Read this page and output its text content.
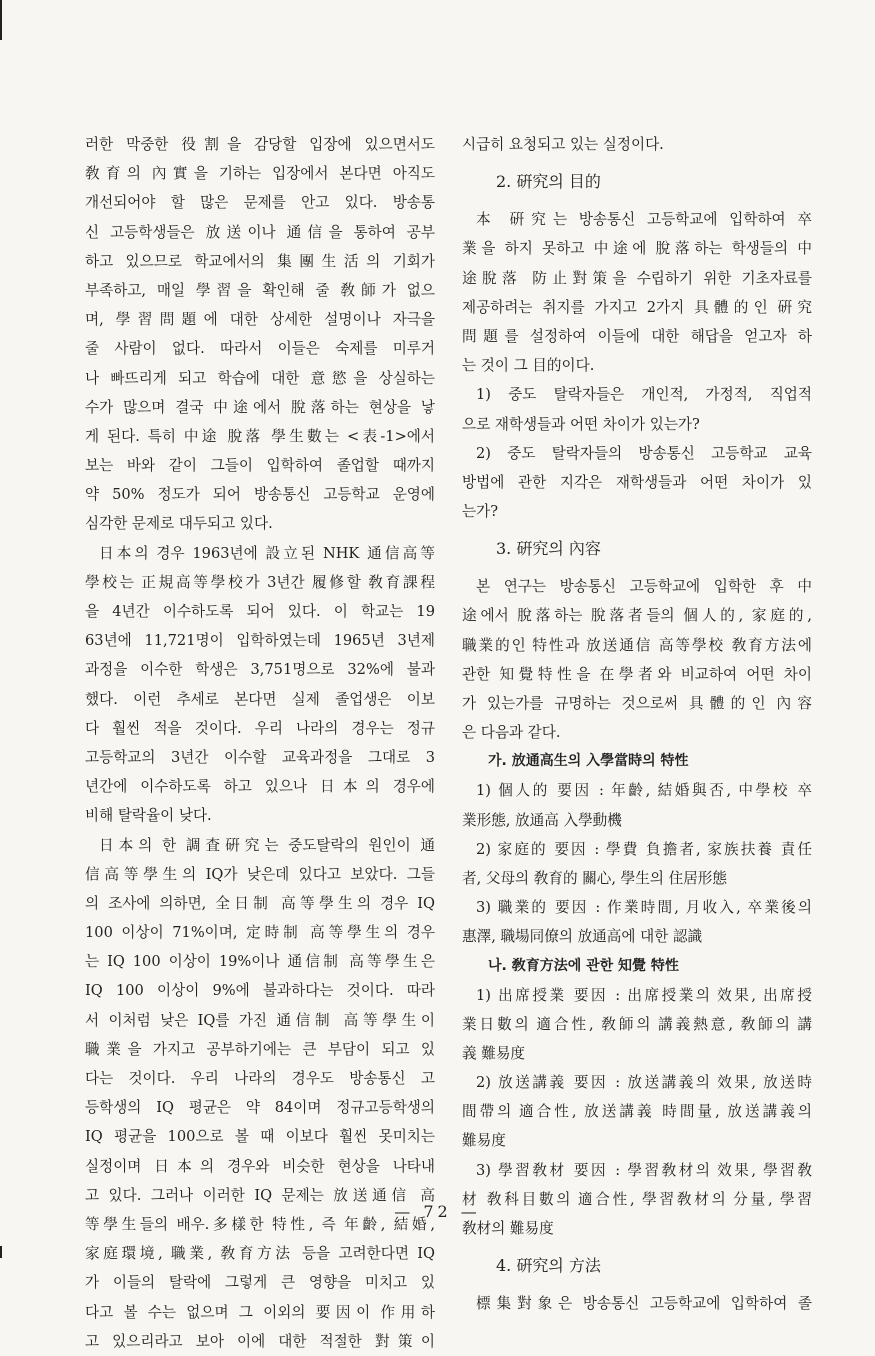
러한 막중한 役割을 감당할 입장에 있으면서도
敎育의 內實을 기하는 입장에서 본다면 아직도
개선되어야 할 많은 문제를 안고 있다. 방송통
신 고등학생들은 放送이나 通信을 통하여 공부
하고 있으므로 학교에서의 集團生活의 기회가
부족하고, 매일 學習을 확인해 줄 敎師가 없으
며, 學習問題에 대한 상세한 설명이나 자극을
줄 사람이 없다. 따라서 이들은 숙제를 미루거
나 빠뜨리게 되고 학습에 대한 意慾을 상실하는
수가 많으며 결국 中途에서 脫落하는 현상을 낳
게 된다. 특히 中途 脫落 學生數는 <表-1>에서
보는 바와 같이 그들이 입학하여 졸업할 때까지
약 50% 정도가 되어 방송통신 고등학교 운영에
심각한 문제로 대두되고 있다.
日本의 경우 1963년에 設立된 NHK 通信高等
學校는 正規高等學校가 3년간 履修할 敎育課程
을 4년간 이수하도록 되어 있다. 이 학교는 19
63년에 11,721명이 입학하였는데 1965년 3년제
과정을 이수한 학생은 3,751명으로 32%에 불과
했다. 이런 추세로 본다면 실제 졸업생은 이보
다 훨씬 적을 것이다. 우리 나라의 경우는 정규
고등학교의 3년간 이수할 교육과정을 그대로 3
년간에 이수하도록 하고 있으나 日本의 경우에
비해 탈락율이 낮다.
日本의 한 調査硏究는 중도탈락의 원인이 通
信高等學生의 IQ가 낮은데 있다고 보았다. 그들
의 조사에 의하면, 全日制 高等學生의 경우 IQ
100 이상이 71%이며, 定時制 高等學生의 경우
는 IQ 100 이상이 19%이나 通信制 高等學生은
IQ 100 이상이 9%에 불과하다는 것이다. 따라
서 이처럼 낮은 IQ를 가진 通信制 高等學生이
職業을 가지고 공부하기에는 큰 부담이 되고 있
다는 것이다. 우리 나라의 경우도 방송통신 고
등학생의 IQ 평균은 약 84이며 정규고등학생의
IQ 평균을 100으로 볼 때 이보다 훨씬 못미치는
실정이며 日本의 경우와 비슷한 현상을 나타내
고 있다. 그러나 이러한 IQ 문제는 放送通信 高
等學生들의 배우.多樣한 特性, 즉 年齡, 結婚,
家庭環境, 職業, 敎育方法 등을 고려한다면 IQ
가 이들의 탈락에 그렇게 큰 영향을 미치고 있
다고 볼 수는 없으며 그 이외의 要因이 作用하
고 있으리라고 보아 이에 대한 적절한 對策이
시급히 요청되고 있는 실정이다.
2. 硏究의 目的
本 硏究는 방송통신 고등학교에 입학하여 卒
業을 하지 못하고 中途에 脫落하는 학생들의 中
途脫落 防止對策을 수립하기 위한 기초자료를
제공하려는 취지를 가지고 2가지 具體的인 硏究
問題를 설정하여 이들에 대한 해답을 얻고자 하
는 것이 그 目的이다.
1) 중도 탈락자들은 개인적, 가정적, 직업적
으로 재학생들과 어떤 차이가 있는가?
2) 중도 탈락자들의 방송통신 고등학교 교육
방법에 관한 지각은 재학생들과 어떤 차이가 있
는가?
3. 硏究의 內容
본 연구는 방송통신 고등학교에 입학한 후 中
途에서 脫落하는 脫落者들의 個人的, 家庭的,
職業的인 特性과 放送通信 高等學校 敎育方法에
관한 知覺特性을 在學者와 비교하여 어떤 차이
가 있는가를 규명하는 것으로써 具體的인 內容
은 다음과 같다.
가. 放通高生의 入學當時의 特性
1) 個人的 要因 : 年齡, 結婚與否, 中學校 卒
業形態, 放通高 入學動機
2) 家庭的 要因 : 學費 負擔者, 家族扶養 責任
者, 父母의 敎育的 關心, 學生의 住居形態
3) 職業的 要因 : 作業時間, 月收入, 卒業後의
惠澤, 職場同僚의 放通高에 대한 認識
나. 敎育方法에 관한 知覺 特性
1) 出席授業 要因 : 出席授業의 效果, 出席授
業日數의 適合性, 敎師의 講義熱意, 敎師의 講
義 難易度
2) 放送講義 要因 : 放送講義의 效果, 放送時
間帶의 適合性, 放送講義 時間量, 放送講義의
難易度
3) 學習敎材 要因 : 學習敎材의 效果, 學習敎
材 敎科目數의 適合性, 學習敎材의 分量, 學習
敎材의 難易度
4. 硏究의 方法
標集對象은 방송통신 고등학교에 입학하여 졸
— 72 —
